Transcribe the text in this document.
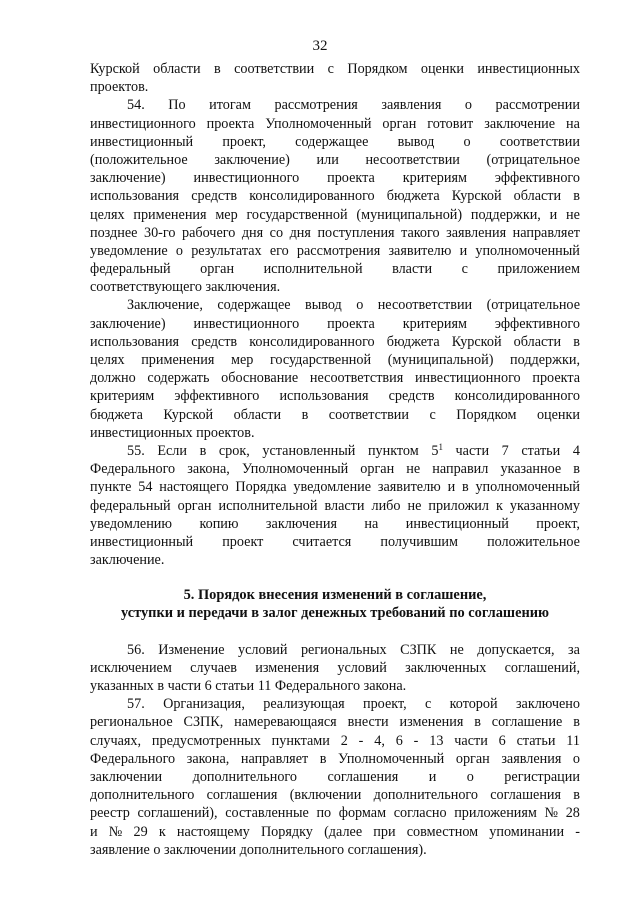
32
Курской области в соответствии с Порядком оценки инвестиционных
проектов.
54. По итогам рассмотрения заявления о рассмотрении
инвестиционного проекта Уполномоченный орган готовит заключение на
инвестиционный проект, содержащее вывод о соответствии
(положительное заключение) или несоответствии (отрицательное
заключение) инвестиционного проекта критериям эффективного
использования средств консолидированного бюджета Курской области в
целях применения мер государственной (муниципальной) поддержки, и не
позднее 30-го рабочего дня со дня поступления такого заявления направляет
уведомление о результатах его рассмотрения заявителю и уполномоченный
федеральный орган исполнительной власти с приложением
соответствующего заключения.
Заключение, содержащее вывод о несоответствии (отрицательное
заключение) инвестиционного проекта критериям эффективного
использования средств консолидированного бюджета Курской области в
целях применения мер государственной (муниципальной) поддержки,
должно содержать обоснование несоответствия инвестиционного проекта
критериям эффективного использования средств консолидированного
бюджета Курской области в соответствии с Порядком оценки
инвестиционных проектов.
55. Если в срок, установленный пунктом $5^1$ части 7 статьи 4
Федерального закона, Уполномоченный орган не направил указанное в
пункте 54 настоящего Порядка уведомление заявителю и в уполномоченный
федеральный орган исполнительной власти либо не приложил к указанному
уведомлению копию заключения на инвестиционный проект,
инвестиционный проект считается получившим положительное
заключение.
5. Порядок внесения изменений в соглашение,
уступки и передачи в залог денежных требований по соглашению
56. Изменение условий региональных СЗПК не допускается, за
исключением случаев изменения условий заключенных соглашений,
указанных в части 6 статьи 11 Федерального закона.
57. Организация, реализующая проект, с которой заключено
региональное СЗПК, намеревающаяся внести изменения в соглашение в
случаях, предусмотренных пунктами 2 - 4, 6 - 13 части 6 статьи 11
Федерального закона, направляет в Уполномоченный орган заявления о
заключении дополнительного соглашения и о регистрации
дополнительного соглашения (включении дополнительного соглашения в
реестр соглашений), составленные по формам согласно приложениям № 28
и № 29 к настоящему Порядку (далее при совместном упоминании -
заявление о заключении дополнительного соглашения).
